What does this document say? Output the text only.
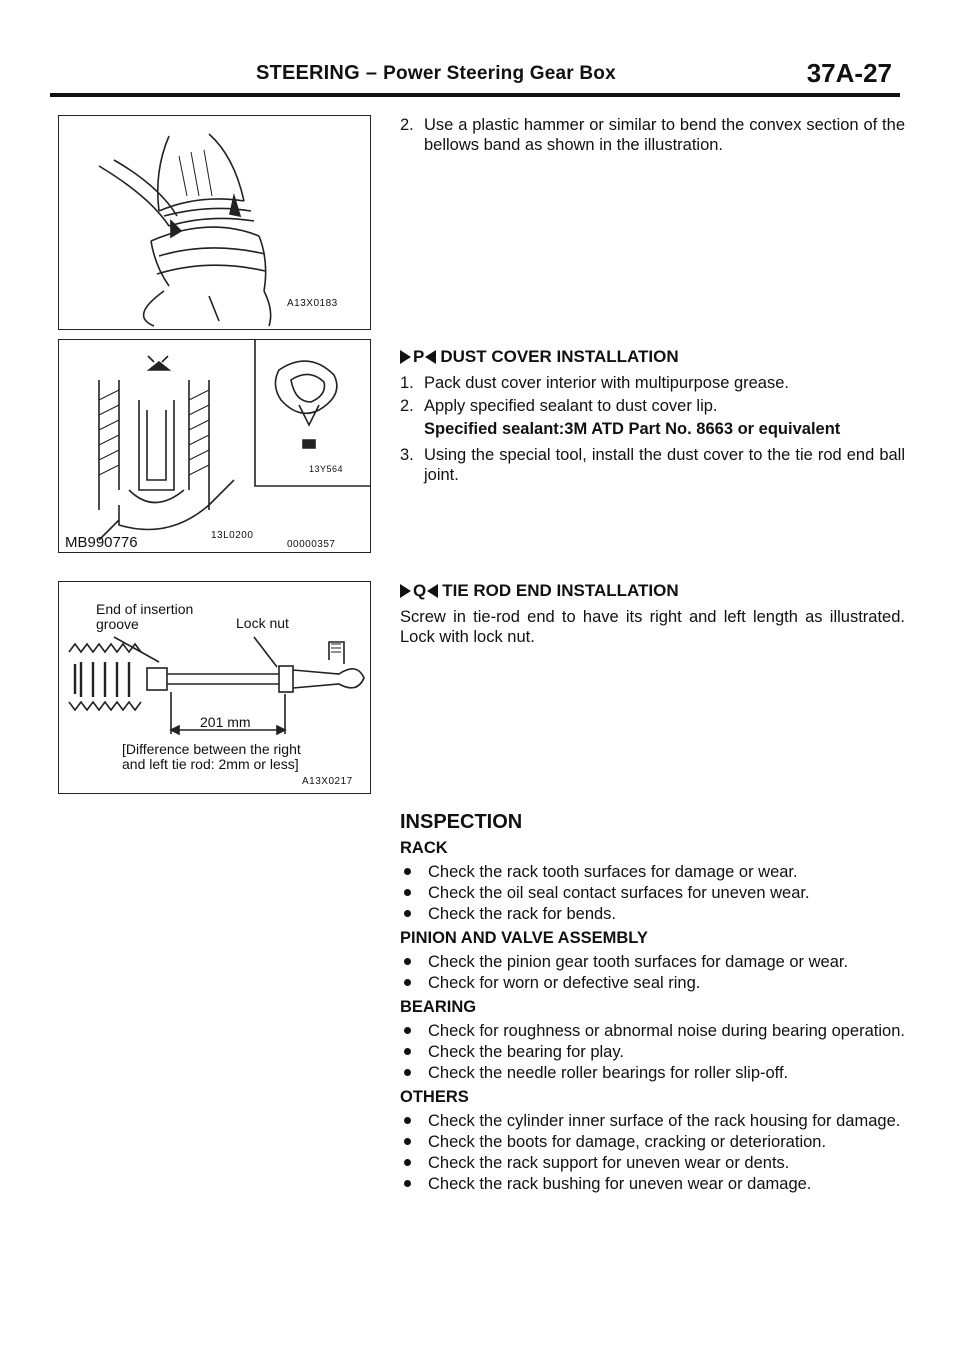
STEERING – Power Steering Gear Box	37A-27
A13X0183
13Y564
MB990776	13L0200
00000357
End of insertion groove	Lock nut
201 mm
[Difference between the right and left tie rod: 2mm or less]
A13X0217
2. Use a plastic hammer or similar to bend the convex section of the bellows band as shown in the illustration.
P DUST COVER INSTALLATION
1. Pack dust cover interior with multipurpose grease.
2. Apply specified sealant to dust cover lip.
Specified sealant:3M ATD Part No. 8663 or equivalent
3. Using the special tool, install the dust cover to the tie rod end ball joint.
Q TIE ROD END INSTALLATION
Screw in tie-rod end to have its right and left length as illustrated. Lock with lock nut.
INSPECTION
RACK
Check the rack tooth surfaces for damage or wear.
Check the oil seal contact surfaces for uneven wear.
Check the rack for bends.
PINION AND VALVE ASSEMBLY
Check the pinion gear tooth surfaces for damage or wear.
Check for worn or defective seal ring.
BEARING
Check for roughness or abnormal noise during bearing operation.
Check the bearing for play.
Check the needle roller bearings for roller slip-off.
OTHERS
Check the cylinder inner surface of the rack housing for damage.
Check the boots for damage, cracking or deterioration.
Check the rack support for uneven wear or dents.
Check the rack bushing for uneven wear or damage.
